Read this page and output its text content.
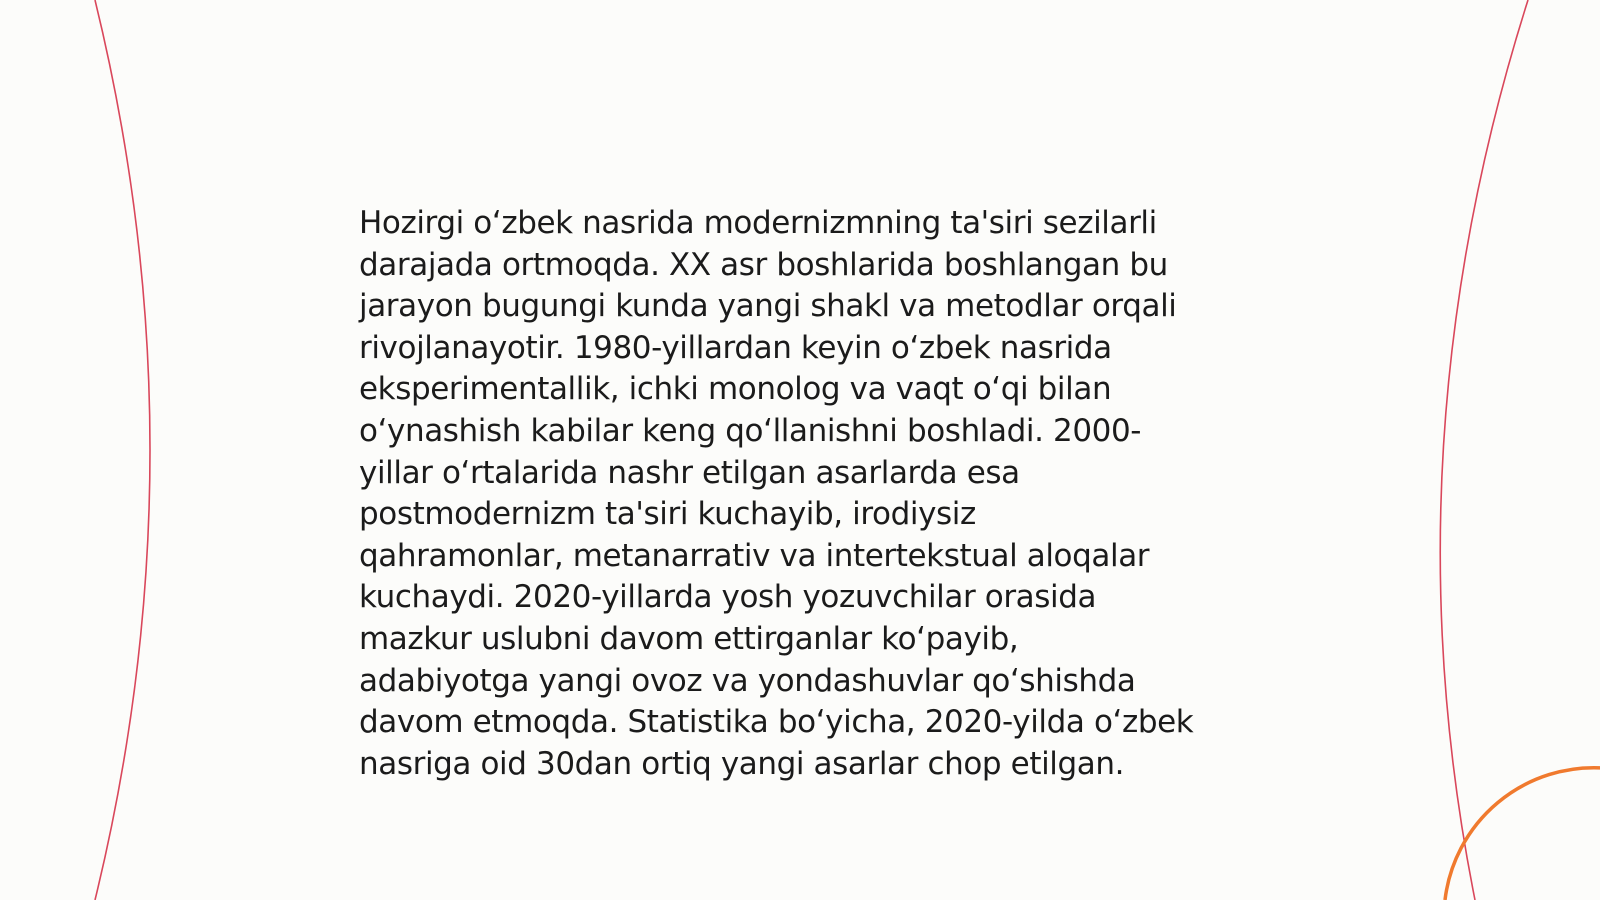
Hozirgi o‘zbek nasrida modernizmning ta'siri sezilarli
darajada ortmoqda. XX asr boshlarida boshlangan bu
jarayon bugungi kunda yangi shakl va metodlar orqali
rivojlanayotir. 1980-yillardan keyin o‘zbek nasrida
eksperimentallik, ichki monolog va vaqt o‘qi bilan
o‘ynashish kabilar keng qo‘llanishni boshladi. 2000-
yillar o‘rtalarida nashr etilgan asarlarda esa
postmodernizm ta'siri kuchayib, irodiysiz
qahramonlar, metanarrativ va intertekstual aloqalar
kuchaydi. 2020-yillarda yosh yozuvchilar orasida
mazkur uslubni davom ettirganlar ko‘payib,
adabiyotga yangi ovoz va yondashuvlar qo‘shishda
davom etmoqda. Statistika bo‘yicha, 2020-yilda o‘zbek
nasriga oid 30dan ortiq yangi asarlar chop etilgan.
